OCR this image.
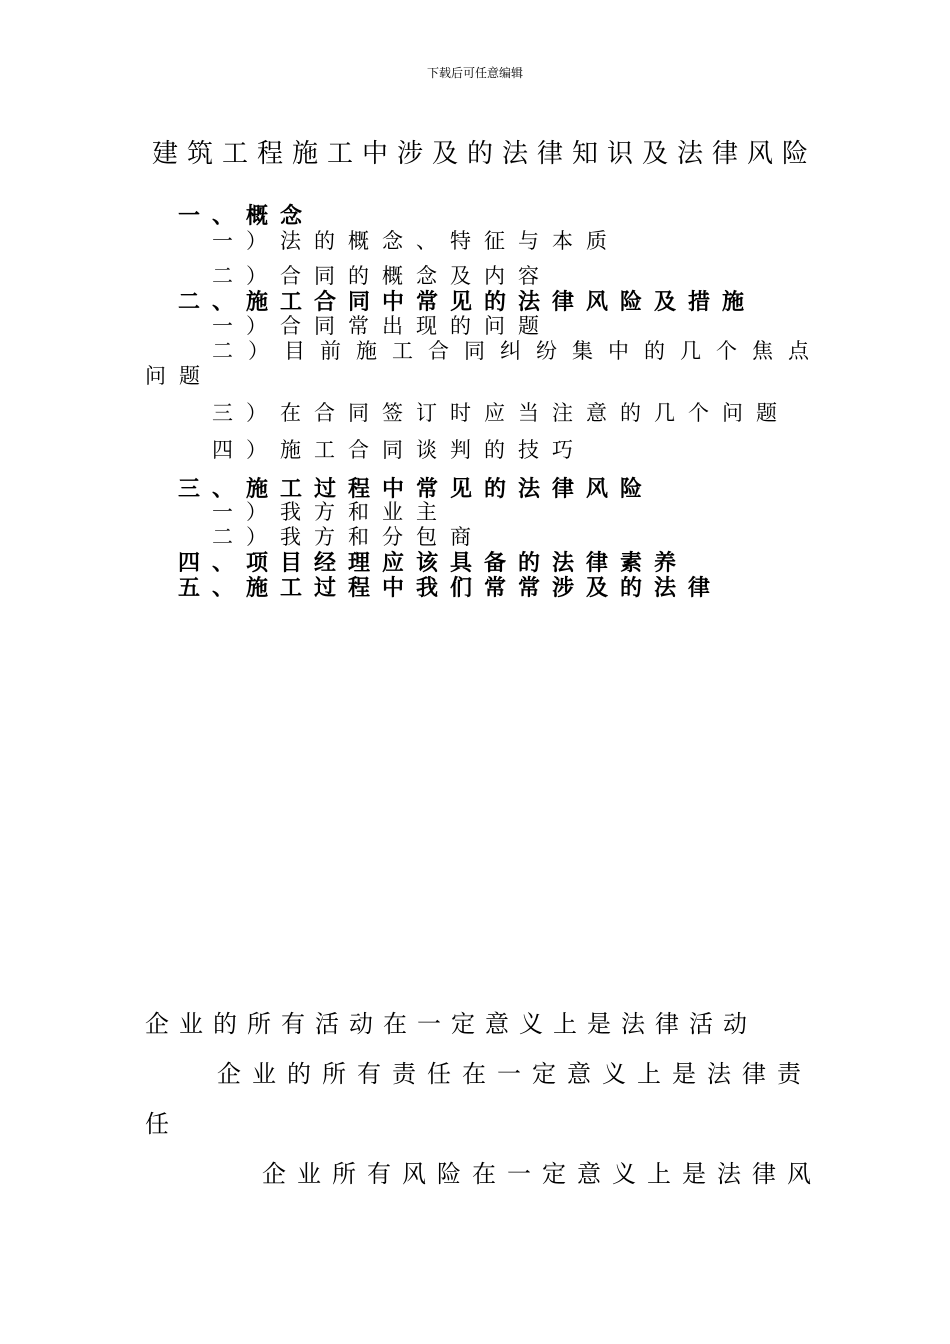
下载后可任意编辑
建筑工程施工中涉及的法律知识及法律风险
一、概念
一）法的概念、特征与本质
二）合同的概念及内容
二、施工合同中常见的法律风险及措施
一）合同常出现的问题
二）目前施工合同纠纷集中的几个焦点
问题
三）在合同签订时应当注意的几个问题
四）施工合同谈判的技巧
三、施工过程中常见的法律风险
一）我方和业主
二）我方和分包商
四、项目经理应该具备的法律素养
五、施工过程中我们常常涉及的法律
企业的所有活动在一定意义上是法律活动
企业的所有责任在一定意义上是法律责
任
企业所有风险在一定意义上是法律风
